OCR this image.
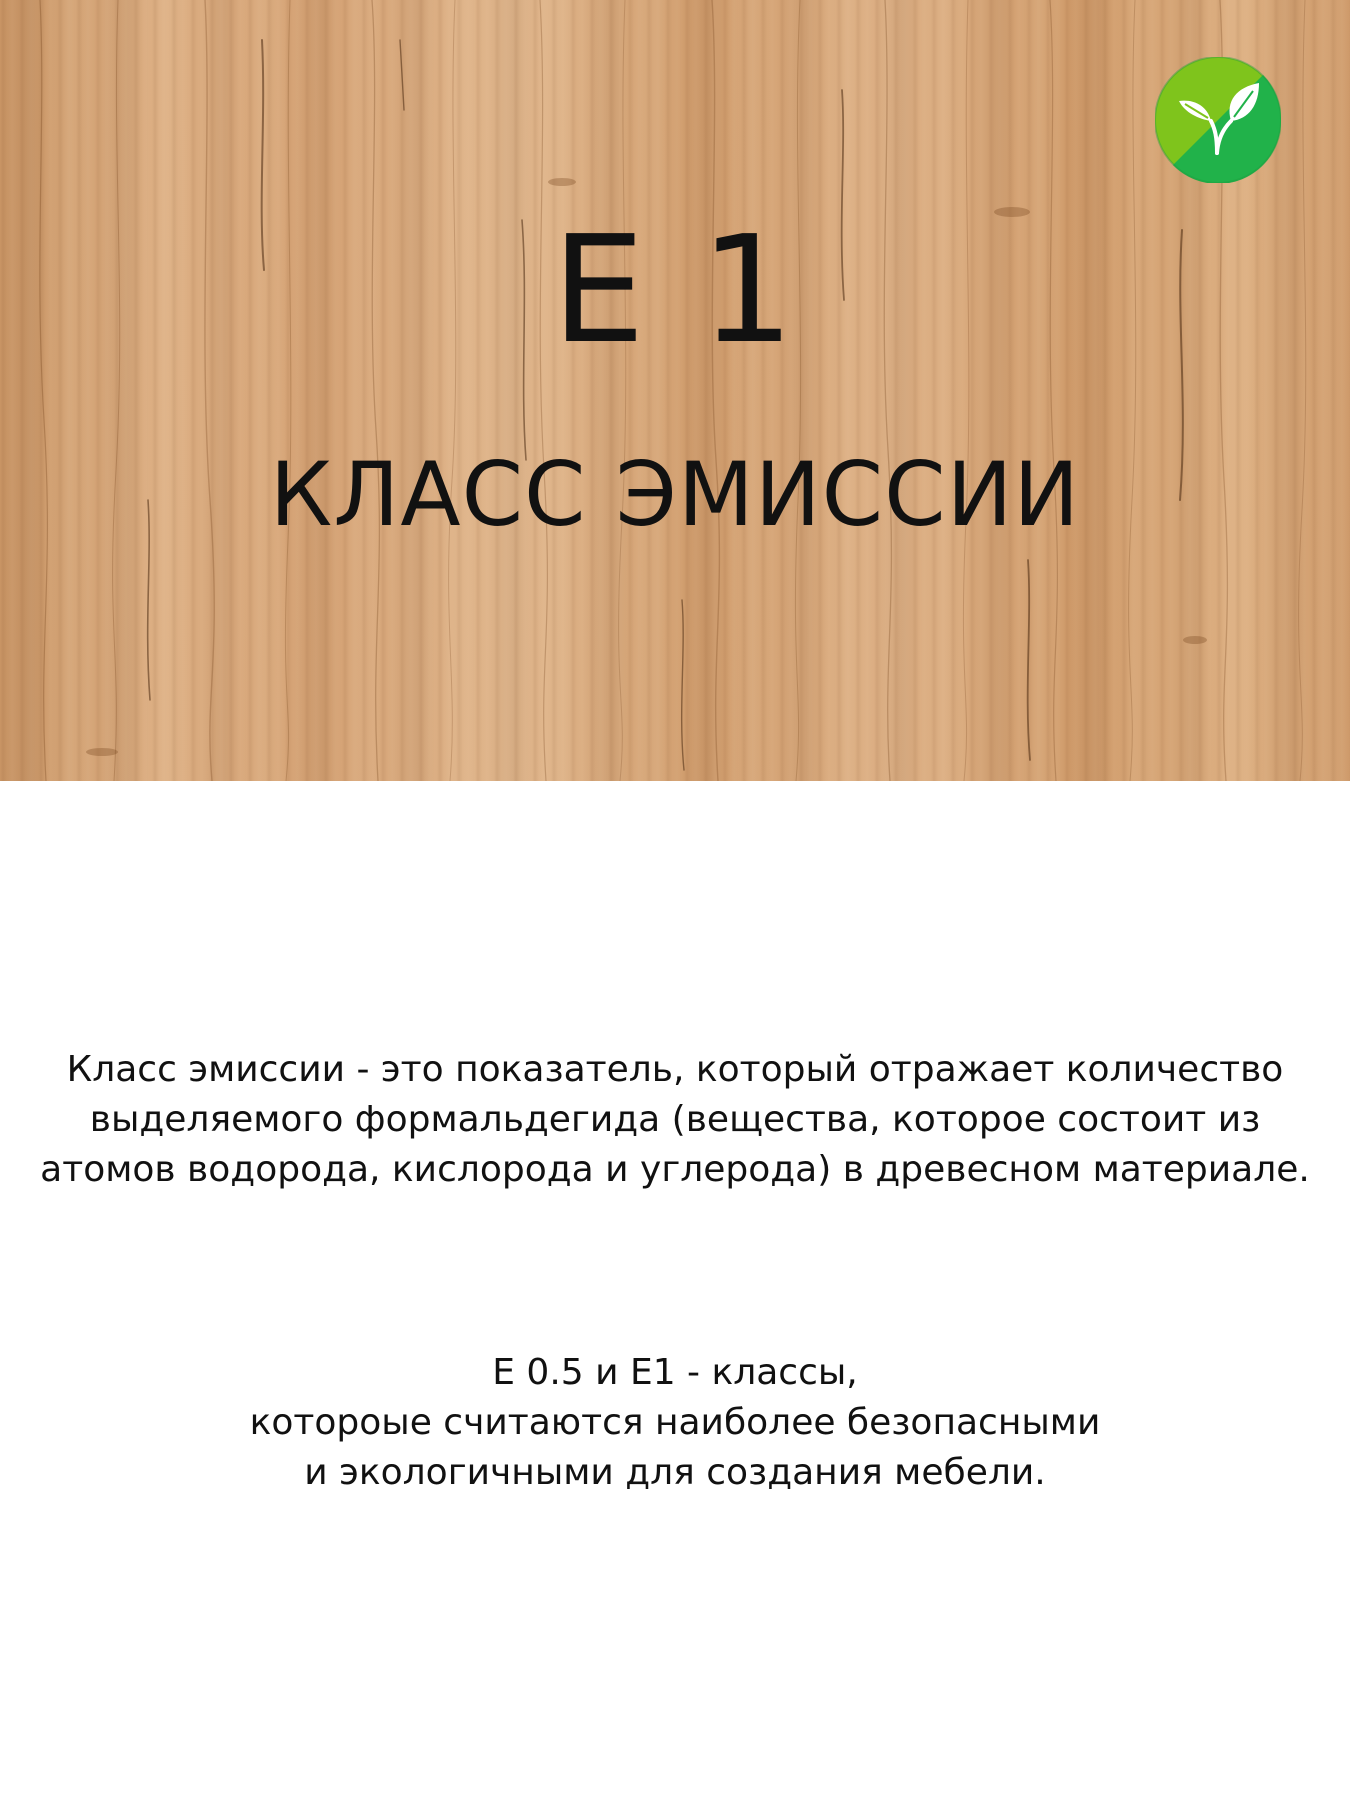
E 1
КЛАСС ЭМИССИИ

Класс эмиссии - это показатель, который отражает количество
выделяемого формальдегида (вещества, которое состоит из
атомов водорода, кислорода и углерода) в древесном материале.

E 0.5 и E1 - классы,
котороые считаются наиболее безопасными
и экологичными для создания мебели.
